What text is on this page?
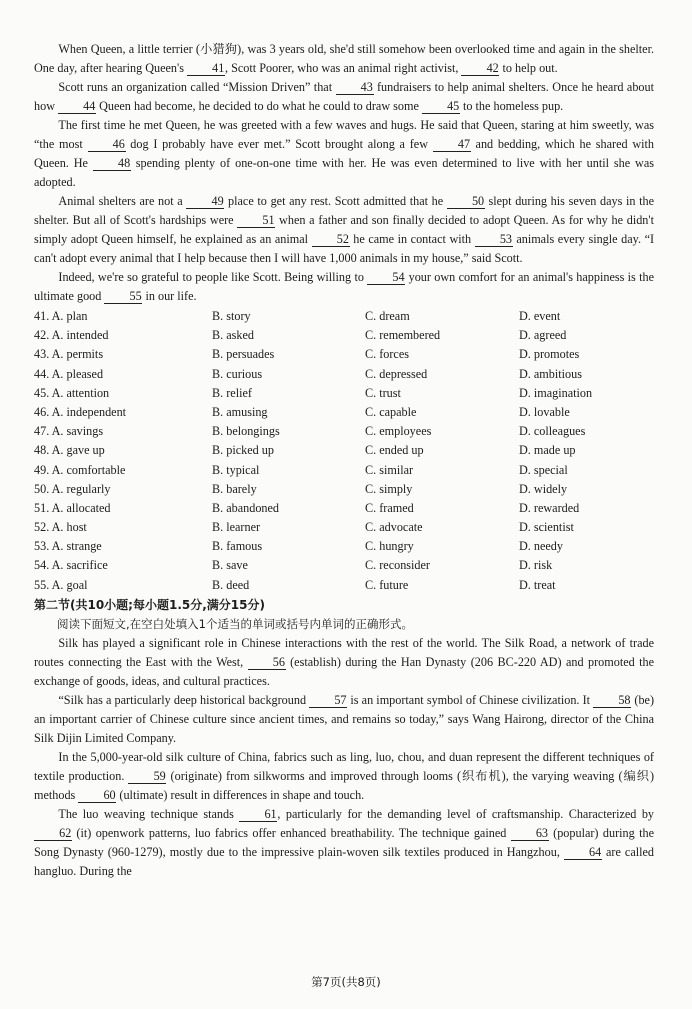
When Queen, a little terrier (小猎狗), was 3 years old, she'd still somehow been overlooked time and again in the shelter. One day, after hearing Queen's 41, Scott Poorer, who was an animal right activist, 42 to help out.

Scott runs an organization called “Mission Driven” that 43 fundraisers to help animal shelters. Once he heard about how 44 Queen had become, he decided to do what he could to draw some 45 to the homeless pup.

The first time he met Queen, he was greeted with a few waves and hugs. He said that Queen, staring at him sweetly, was “the most 46 dog I probably have ever met.” Scott brought along a few 47 and bedding, which he shared with Queen. He 48 spending plenty of one-on-one time with her. He was even determined to live with her until she was adopted.

Animal shelters are not a 49 place to get any rest. Scott admitted that he 50 slept during his seven days in the shelter. But all of Scott's hardships were 51 when a father and son finally decided to adopt Queen. As for why he didn't simply adopt Queen himself, he explained as an animal 52 he came in contact with 53 animals every single day. “I can't adopt every animal that I help because then I will have 1,000 animals in my house,” said Scott.

Indeed, we're so grateful to people like Scott. Being willing to 54 your own comfort for an animal's happiness is the ultimate good 55 in our life.

41. A. plan	B. story	C. dream	D. event
42. A. intended	B. asked	C. remembered	D. agreed
43. A. permits	B. persuades	C. forces	D. promotes
44. A. pleased	B. curious	C. depressed	D. ambitious
45. A. attention	B. relief	C. trust	D. imagination
46. A. independent	B. amusing	C. capable	D. lovable
47. A. savings	B. belongings	C. employees	D. colleagues
48. A. gave up	B. picked up	C. ended up	D. made up
49. A. comfortable	B. typical	C. similar	D. special
50. A. regularly	B. barely	C. simply	D. widely
51. A. allocated	B. abandoned	C. framed	D. rewarded
52. A. host	B. learner	C. advocate	D. scientist
53. A. strange	B. famous	C. hungry	D. needy
54. A. sacrifice	B. save	C. reconsider	D. risk
55. A. goal	B. deed	C. future	D. treat
第二节(共10小题;每小题1.5分,满分15分)

阅读下面短文,在空白处填入1个适当的单词或括号内单词的正确形式。

Silk has played a significant role in Chinese interactions with the rest of the world. The Silk Road, a network of trade routes connecting the East with the West, 56 (establish) during the Han Dynasty (206 BC-220 AD) and promoted the exchange of goods, ideas, and cultural practices.

“Silk has a particularly deep historical background 57 is an important symbol of Chinese civilization. It 58 (be) an important carrier of Chinese culture since ancient times, and remains so today,” says Wang Hairong, director of the China Silk Dijin Limited Company.

In the 5,000-year-old silk culture of China, fabrics such as ling, luo, chou, and duan represent the different techniques of textile production. 59 (originate) from silkworms and improved through looms (织布机), the varying weaving (编织) methods 60 (ultimate) result in differences in shape and touch.

The luo weaving technique stands	61, particularly for the demanding level of craftsmanship. Characterized by 62 (it) openwork patterns, luo fabrics offer enhanced breathability. The technique gained 63 (popular) during the Song Dynasty (960-1279), mostly due to the impressive plain-woven silk textiles produced in Hangzhou, 64 are called hangluo. During the

第7页(共8页)
